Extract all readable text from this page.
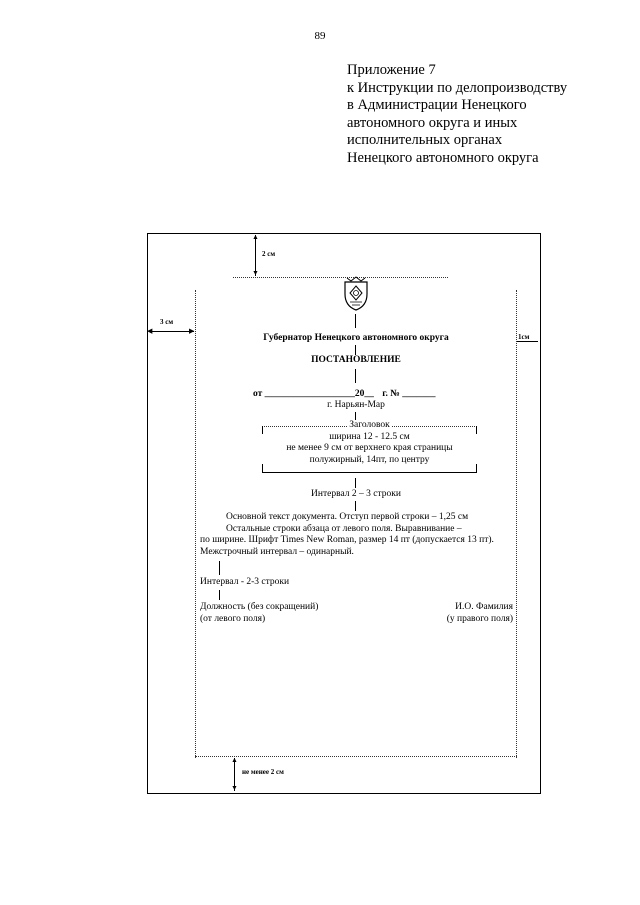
89
Приложение 7
к Инструкции по делопроизводству
в Администрации Ненецкого
автономного округа и иных
исполнительных органах
Ненецкого автономного округа
▲
▼
2 см
◀	▶
3 см
1см
▲
▼
не менее 2 см
Губернатор Ненецкого автономного округа
ПОСТАНОВЛЕНИЕ
от ___________________20__ г. № _______
г. Нарьян-Мар
Заголовок
ширина 12 - 12.5 см
не менее 9 см от верхнего края страницы
полужирный, 14пт, по центру
Интервал 2 – 3 строки
Основной текст документа. Отступ первой строки – 1,25 см
Остальные строки абзаца от левого поля. Выравнивание –
по ширине. Шрифт Times New Roman, размер 14 пт (допускается 13 пт).
Межстрочный интервал – одинарный.
Интервал - 2-3 строки
Должность (без сокращений)
(от левого поля)
И.О. Фамилия
(у правого поля)
